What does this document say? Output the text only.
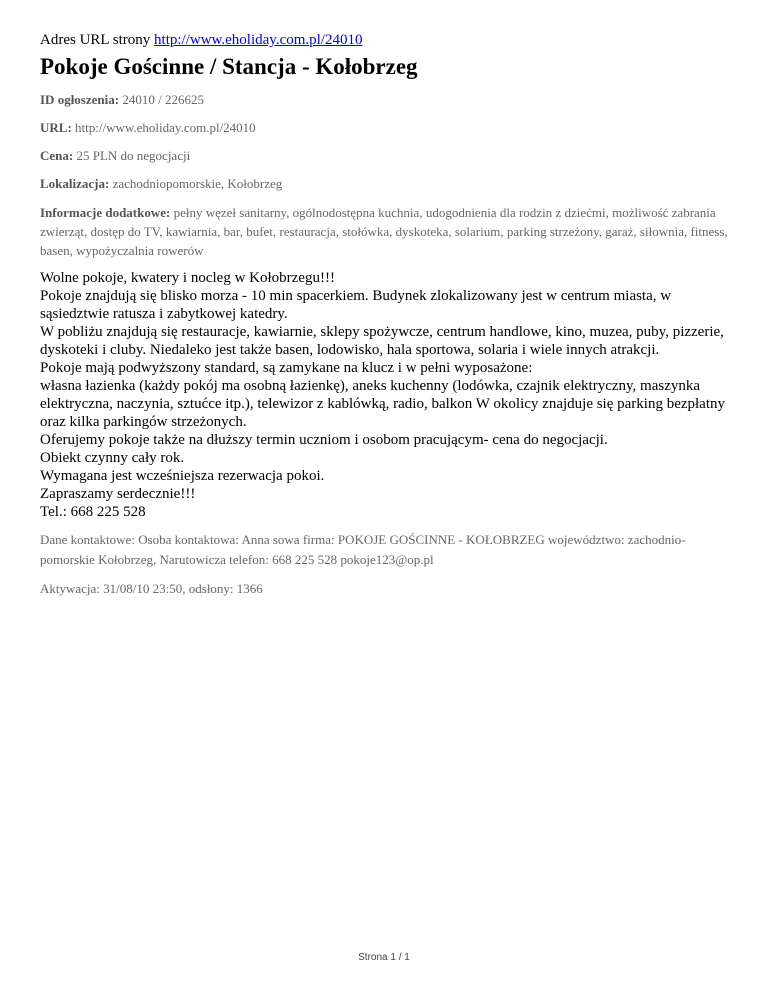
Adres URL strony http://www.eholiday.com.pl/24010

Pokoje Gościnne / Stancja - Kołobrzeg

ID ogłoszenia: 24010 / 226625

URL: http://www.eholiday.com.pl/24010

Cena: 25 PLN do negocjacji

Lokalizacja: zachodniopomorskie, Kołobrzeg

Informacje dodatkowe: pełny węzeł sanitarny, ogólnodostępna kuchnia, udogodnienia dla rodzin z dziećmi, możliwość zabrania zwierząt, dostęp do TV, kawiarnia, bar, bufet, restauracja, stołówka, dyskoteka, solarium, parking strzeżony, garaż, siłownia, fitness, basen, wypożyczalnia rowerów

Wolne pokoje, kwatery i nocleg w Kołobrzegu!!!
Pokoje znajdują się blisko morza - 10 min spacerkiem. Budynek zlokalizowany jest w centrum miasta, w sąsiedztwie ratusza i zabytkowej katedry.
W pobliżu znajdują się restauracje, kawiarnie, sklepy spożywcze, centrum handlowe, kino, muzea, puby, pizzerie, dyskoteki i cluby. Niedaleko jest także basen, lodowisko, hala sportowa, solaria i wiele innych atrakcji.
Pokoje mają podwyższony standard, są zamykane na klucz i w pełni wyposażone:
własna łazienka (każdy pokój ma osobną łazienkę), aneks kuchenny (lodówka, czajnik elektryczny, maszynka elektryczna, naczynia, sztućce itp.), telewizor z kablówką, radio, balkon W okolicy znajduje się parking bezpłatny oraz kilka parkingów strzeżonych.
Oferujemy pokoje także na dłuższy termin uczniom i osobom pracującym- cena do negocjacji.
Obiekt czynny cały rok.
Wymagana jest wcześniejsza rezerwacja pokoi.
Zapraszamy serdecznie!!!
Tel.: 668 225 528

Dane kontaktowe: Osoba kontaktowa: Anna sowa firma: POKOJE GOŚCINNE - KOŁOBRZEG województwo: zachodnio-pomorskie Kołobrzeg, Narutowicza telefon: 668 225 528 pokoje123@op.pl

Aktywacja: 31/08/10 23:50, odsłony: 1366

Strona 1 / 1
